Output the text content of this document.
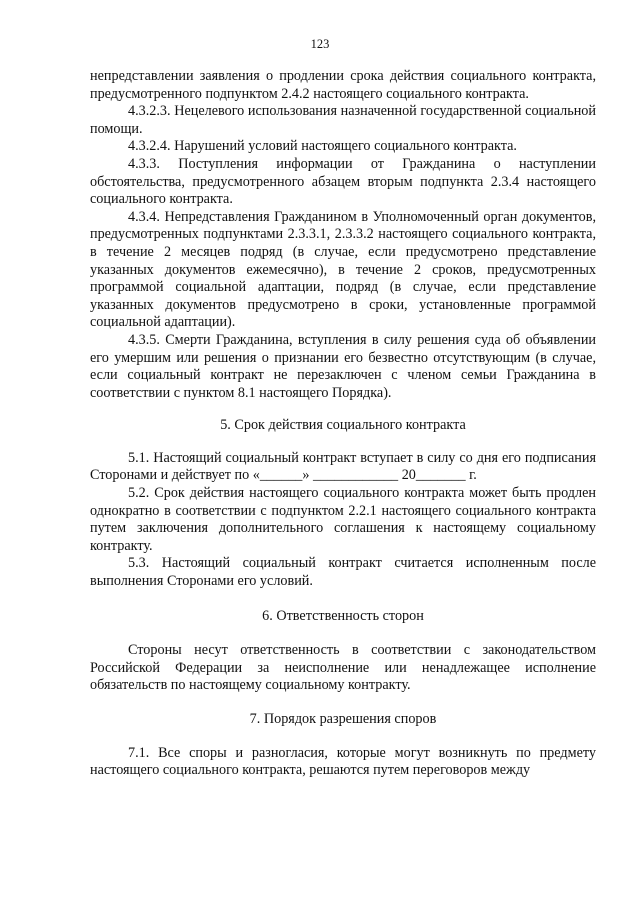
123

непредставлении заявления о продлении срока действия социального контракта, предусмотренного подпунктом 2.4.2 настоящего социального контракта.

4.3.2.3. Нецелевого использования назначенной государственной социальной помощи.

4.3.2.4. Нарушений условий настоящего социального контракта.

4.3.3. Поступления информации от Гражданина о наступлении обстоятельства, предусмотренного абзацем вторым подпункта 2.3.4 настоящего социального контракта.

4.3.4. Непредставления Гражданином в Уполномоченный орган документов, предусмотренных подпунктами 2.3.3.1, 2.3.3.2 настоящего социального контракта, в течение 2 месяцев подряд (в случае, если предусмотрено представление указанных документов ежемесячно), в течение 2 сроков, предусмотренных программой социальной адаптации, подряд (в случае, если представление указанных документов предусмотрено в сроки, установленные программой социальной адаптации).

4.3.5. Смерти Гражданина, вступления в силу решения суда об объявлении его умершим или решения о признании его безвестно отсутствующим (в случае, если социальный контракт не перезаключен с членом семьи Гражданина в соответствии с пунктом 8.1 настоящего Порядка).

5. Срок действия социального контракта

5.1. Настоящий социальный контракт вступает в силу со дня его подписания Сторонами и действует по «______» ____________ 20_______ г.

5.2. Срок действия настоящего социального контракта может быть продлен однократно в соответствии с подпунктом 2.2.1 настоящего социального контракта путем заключения дополнительного соглашения к настоящему социальному контракту.

5.3. Настоящий социальный контракт считается исполненным после выполнения Сторонами его условий.

6. Ответственность сторон

Стороны несут ответственность в соответствии с законодательством Российской Федерации за неисполнение или ненадлежащее исполнение обязательств по настоящему социальному контракту.

7. Порядок разрешения споров

7.1. Все споры и разногласия, которые могут возникнуть по предмету настоящего социального контракта, решаются путем переговоров между
